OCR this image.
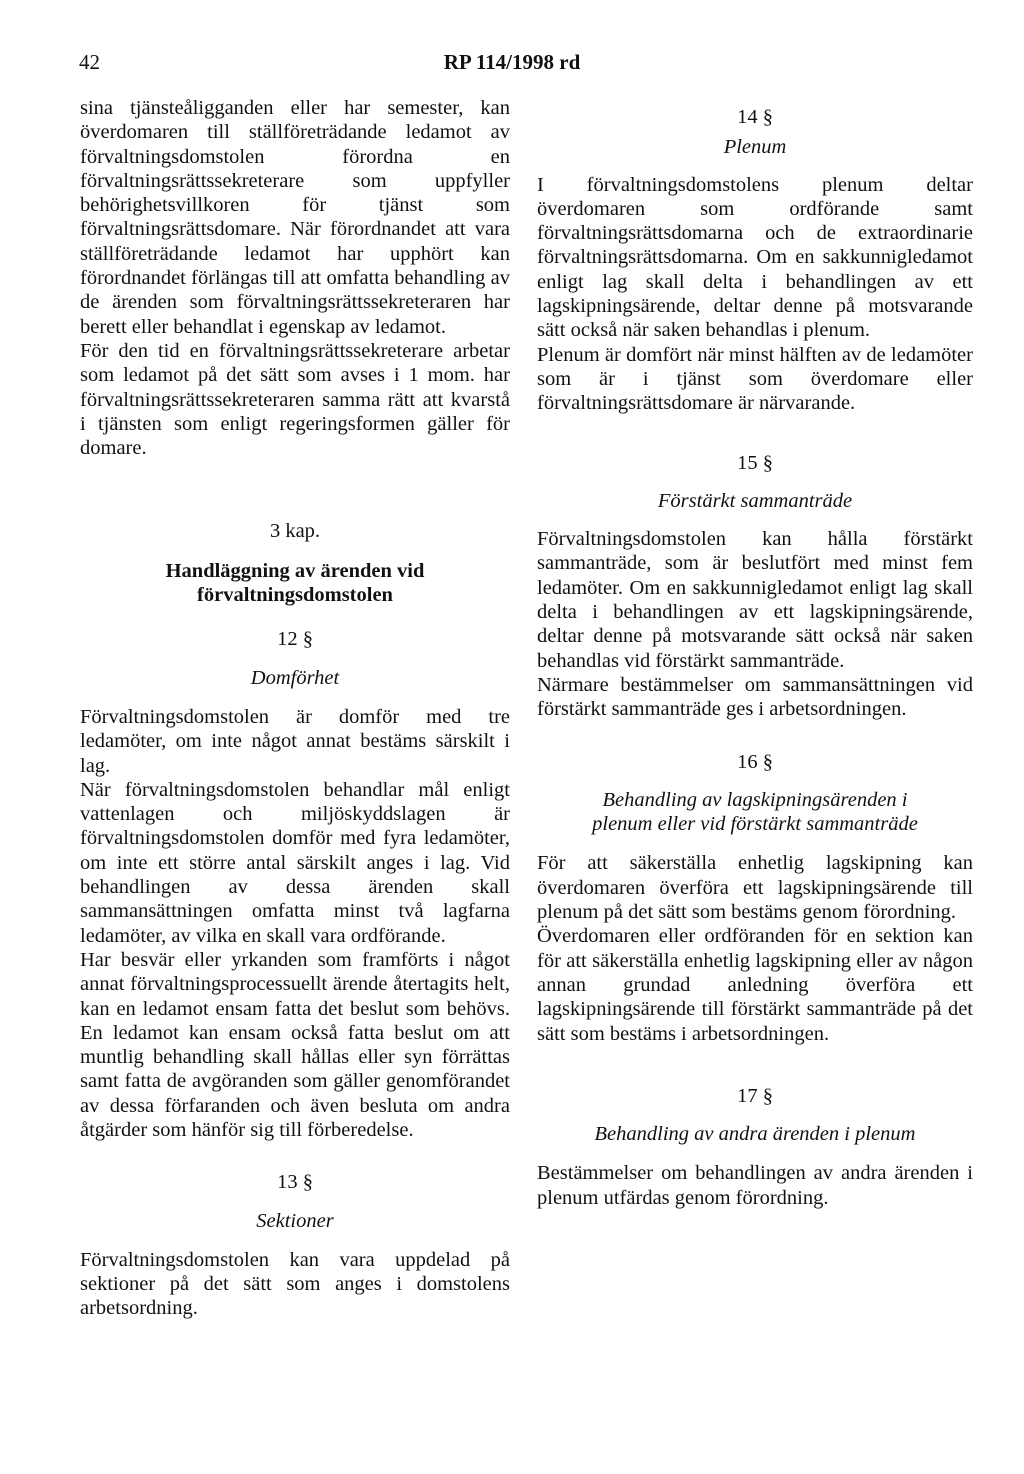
42	RP 114/1998 rd

sina tjänsteåligganden eller har semester, kan överdomaren till ställföreträdande ledamot av förvaltningsdomstolen förordna en förvaltningsrättssekreterare som uppfyller behörighetsvillkoren för tjänst som förvaltningsrättsdomare. När förordnandet att vara ställföreträdande ledamot har upphört kan förordnandet förlängas till att omfatta behandling av de ärenden som förvaltningsrättssekreteraren har berett eller behandlat i egenskap av ledamot.

För den tid en förvaltningsrättssekreterare arbetar som ledamot på det sätt som avses i 1 mom. har förvaltningsrättssekreteraren samma rätt att kvarstå i tjänsten som enligt regeringsformen gäller för domare.

3 kap.

Handläggning av ärenden vid

förvaltningsdomstolen

12 §

Domförhet

Förvaltningsdomstolen är domför med tre ledamöter, om inte något annat bestäms särskilt i lag.

När förvaltningsdomstolen behandlar mål enligt vattenlagen och miljöskyddslagen är förvaltningsdomstolen domför med fyra ledamöter, om inte ett större antal särskilt anges i lag. Vid behandlingen av dessa ärenden skall sammansättningen omfatta minst två lagfarna ledamöter, av vilka en skall vara ordförande.

Har besvär eller yrkanden som framförts i något annat förvaltningsprocessuellt ärende återtagits helt, kan en ledamot ensam fatta det beslut som behövs. En ledamot kan ensam också fatta beslut om att muntlig behandling skall hållas eller syn förrättas samt fatta de avgöranden som gäller genomförandet av dessa förfaranden och även besluta om andra åtgärder som hänför sig till förberedelse.

13 §

Sektioner

Förvaltningsdomstolen kan vara uppdelad på sektioner på det sätt som anges i domstolens arbetsordning.

14 §

Plenum

I förvaltningsdomstolens plenum deltar överdomaren som ordförande samt förvaltningsrättsdomarna och de extraordinarie förvaltningsrättsdomarna. Om en sakkunnigledamot enligt lag skall delta i behandlingen av ett lagskipningsärende, deltar denne på motsvarande sätt också när saken behandlas i plenum.

Plenum är domfört när minst hälften av de ledamöter som är i tjänst som överdomare eller förvaltningsrättsdomare är närvarande.

15 §

Förstärkt sammanträde

Förvaltningsdomstolen kan hålla förstärkt sammanträde, som är beslutfört med minst fem ledamöter. Om en sakkunnigledamot enligt lag skall delta i behandlingen av ett lagskipningsärende, deltar denne på motsvarande sätt också när saken behandlas vid förstärkt sammanträde.

Närmare bestämmelser om sammansättningen vid förstärkt sammanträde ges i arbetsordningen.

16 §

Behandling av lagskipningsärenden i

plenum eller vid förstärkt sammanträde

För att säkerställa enhetlig lagskipning kan överdomaren överföra ett lagskipningsärende till plenum på det sätt som bestäms genom förordning.

Överdomaren eller ordföranden för en sektion kan för att säkerställa enhetlig lagskipning eller av någon annan grundad anledning överföra ett lagskipningsärende till förstärkt sammanträde på det sätt som bestäms i arbetsordningen.

17 §

Behandling av andra ärenden i plenum

Bestämmelser om behandlingen av andra ärenden i plenum utfärdas genom förordning.
